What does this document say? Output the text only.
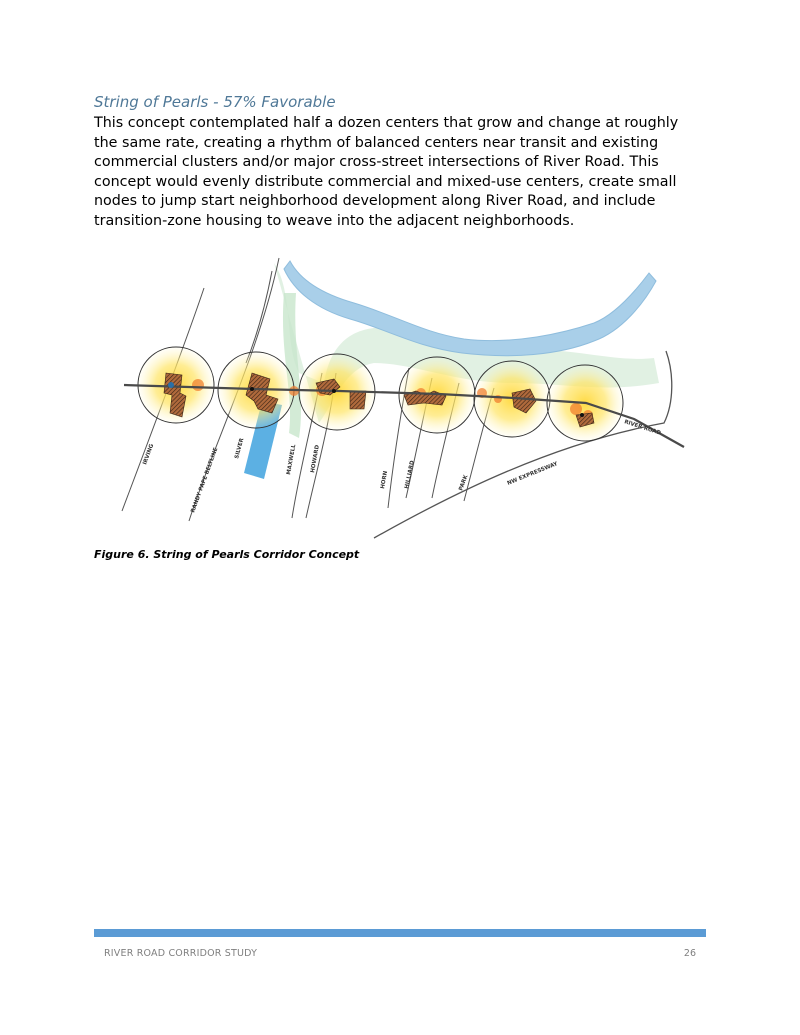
String of Pearls - 57% Favorable

This concept contemplated half a dozen centers that grow and change at roughly the same rate, creating a rhythm of balanced centers near transit and existing commercial clusters and/or major cross-street intersections of River Road. This concept would evenly distribute commercial and mixed-use centers, create small nodes to jump start neighborhood development along River Road, and include transition-zone housing to weave into the adjacent neighborhoods.

IRVING	RANDY PAPE BELTLINE	SILVER	MAXWELL HOWARD
HORN	HILLIARD	PARK	NW EXPRESSWAY
RIVER ROAD

Figure 6. String of Pearls Corridor Concept

RIVER ROAD CORRIDOR STUDY	26
